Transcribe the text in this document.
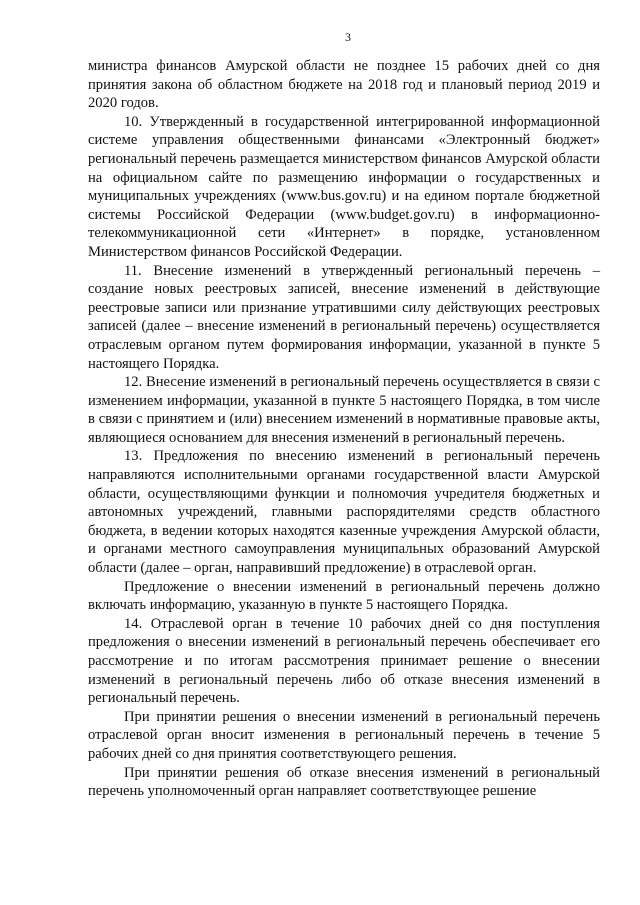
3

министра финансов Амурской области не позднее 15 рабочих дней со дня принятия закона об областном бюджете на 2018 год и плановый период 2019 и 2020 годов.

10. Утвержденный в государственной интегрированной информационной системе управления общественными финансами «Электронный бюджет» региональный перечень размещается министерством финансов Амурской области на официальном сайте по размещению информации о государственных и муниципальных учреждениях (www.bus.gov.ru) и на едином портале бюджетной системы Российской Федерации (www.budget.gov.ru) в информационно-телекоммуникационной сети «Интернет» в порядке, установленном Министерством финансов Российской Федерации.

11. Внесение изменений в утвержденный региональный перечень – создание новых реестровых записей, внесение изменений в действующие реестровые записи или признание утратившими силу действующих реестровых записей (далее – внесение изменений в региональный перечень) осуществляется отраслевым органом путем формирования информации, указанной в пункте 5 настоящего Порядка.

12. Внесение изменений в региональный перечень осуществляется в связи с изменением информации, указанной в пункте 5 настоящего Порядка, в том числе в связи с принятием и (или) внесением изменений в нормативные правовые акты, являющиеся основанием для внесения изменений в региональный перечень.

13. Предложения по внесению изменений в региональный перечень направляются исполнительными органами государственной власти Амурской области, осуществляющими функции и полномочия учредителя бюджетных и автономных учреждений, главными распорядителями средств областного бюджета, в ведении которых находятся казенные учреждения Амурской области, и органами местного самоуправления муниципальных образований Амурской области (далее – орган, направивший предложение) в отраслевой орган.

Предложение о внесении изменений в региональный перечень должно включать информацию, указанную в пункте 5 настоящего Порядка.

14. Отраслевой орган в течение 10 рабочих дней со дня поступления предложения о внесении изменений в региональный перечень обеспечивает его рассмотрение и по итогам рассмотрения принимает решение о внесении изменений в региональный перечень либо об отказе внесения изменений в региональный перечень.

При принятии решения о внесении изменений в региональный перечень отраслевой орган вносит изменения в региональный перечень в течение 5 рабочих дней со дня принятия соответствующего решения.

При принятии решения об отказе внесения изменений в региональный перечень уполномоченный орган направляет соответствующее решение
